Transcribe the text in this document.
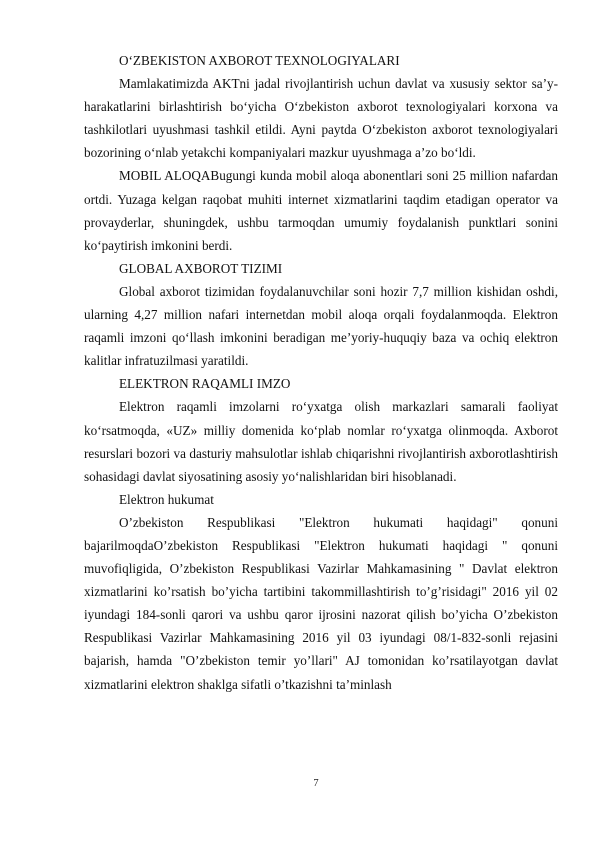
O‘ZBEKISTON AXBOROT TEXNOLOGIYALARI

Mamlakatimizda AKTni jadal rivojlantirish uchun davlat va xususiy sektor sa’y-harakatlarini birlashtirish bo‘yicha O‘zbekiston axborot texnologiyalari korxona va tashkilotlari uyushmasi tashkil etildi. Ayni paytda O‘zbekiston axborot texnologiyalari bozorining o‘nlab yetakchi kompaniyalari mazkur uyushmaga a’zo bo‘ldi.

MOBIL ALOQABugungi kunda mobil aloqa abonentlari soni 25 million nafardan ortdi. Yuzaga kelgan raqobat muhiti internet xizmatlarini taqdim etadigan operator va provayderlar, shuningdek, ushbu tarmoqdan umumiy foydalanish punktlari sonini ko‘paytirish imkonini berdi.

GLOBAL AXBOROT TIZIMI

Global axborot tizimidan foydalanuvchilar soni hozir 7,7 million kishidan oshdi, ularning 4,27 million nafari internetdan mobil aloqa orqali foydalanmoqda. Elektron raqamli imzoni qo‘llash imkonini beradigan me’yoriy-huquqiy baza va ochiq elektron kalitlar infratuzilmasi yaratildi.

ELEKTRON RAQAMLI IMZO

Elektron raqamli imzolarni ro‘yxatga olish markazlari samarali faoliyat ko‘rsatmoqda, «UZ» milliy domenida ko‘plab nomlar ro‘yxatga olinmoqda. Axborot resurslari bozori va dasturiy mahsulotlar ishlab chiqarishni rivojlantirish axborotlashtirish sohasidagi davlat siyosatining asosiy yo‘nalishlaridan biri hisoblanadi.

Elektron hukumat

O’zbekiston Respublikasi "Elektron hukumati haqidagi" qonuni bajarilmoqdaO’zbekiston Respublikasi "Elektron hukumati haqidagi " qonuni muvofiqligida, O’zbekiston Respublikasi Vazirlar Mahkamasining " Davlat elektron xizmatlarini ko’rsatish bo’yicha tartibini takommillashtirish to’g’risidagi" 2016 yil 02 iyundagi 184-sonli qarori va ushbu qaror ijrosini nazorat qilish bo’yicha O’zbekiston Respublikasi Vazirlar Mahkamasining 2016 yil 03 iyundagi 08/1-832-sonli rejasini bajarish, hamda "O’zbekiston temir yo’llari" AJ tomonidan ko’rsatilayotgan davlat xizmatlarini elektron shaklga sifatli o’tkazishni ta’minlash

7
